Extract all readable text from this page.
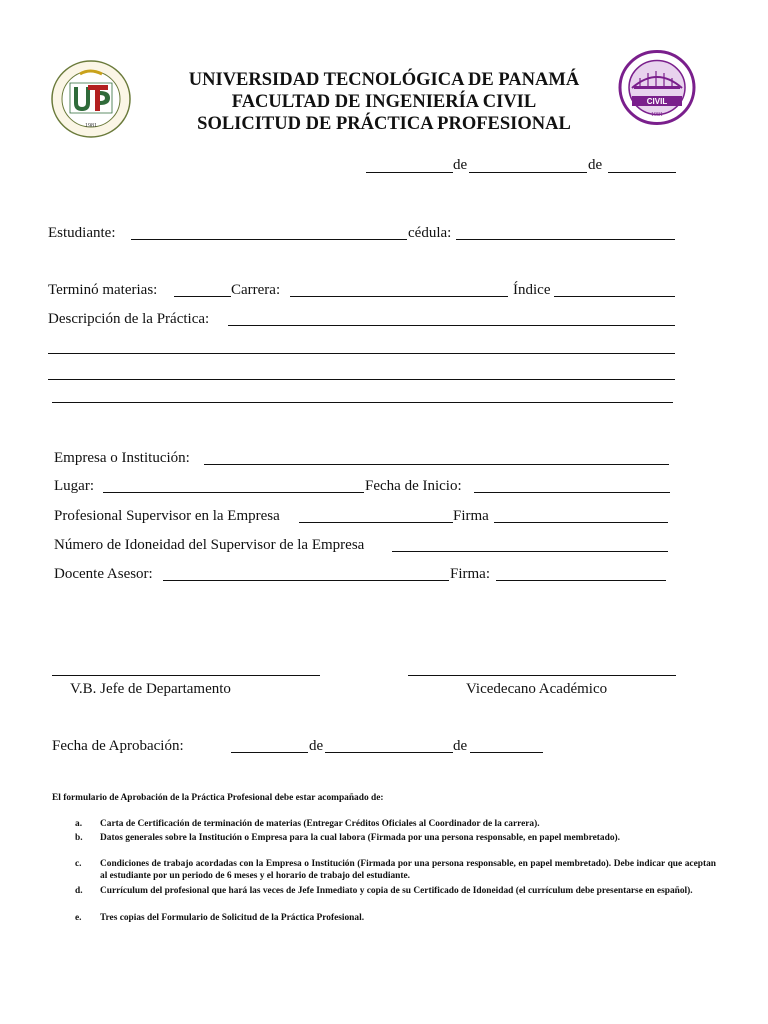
1981
CIVIL
1981
UNIVERSIDAD TECNOLÓGICA DE PANAMÁ
FACULTAD DE INGENIERÍA CIVIL
SOLICITUD DE PRÁCTICA PROFESIONAL
de	de
Estudiante:	cédula:
Terminó materias:	Carrera:	Índice
Descripción de la Práctica:
Empresa o Institución:
Lugar:	Fecha de Inicio:
Profesional Supervisor en la Empresa	Firma
Número de Idoneidad del Supervisor de la Empresa
Docente Asesor:	Firma:
V.B. Jefe de Departamento	Vicedecano Académico
Fecha de Aprobación:	de	de
El formulario de Aprobación de la Práctica Profesional debe estar acompañado de:
a. Carta de Certificación de terminación de materias (Entregar Créditos Oficiales al Coordinador de la carrera).
b. Datos generales sobre la Institución o Empresa para la cual labora (Firmada por una persona responsable, en papel membretado).
c. Condiciones de trabajo acordadas con la Empresa o Institución (Firmada por una persona responsable, en papel membretado). Debe indicar que aceptan al estudiante por un periodo de 6 meses y el horario de trabajo del estudiante.
d. Currículum del profesional que hará las veces de Jefe Inmediato y copia de su Certificado de Idoneidad (el currículum debe presentarse en español).
e. Tres copias del Formulario de Solicitud de la Práctica Profesional.
